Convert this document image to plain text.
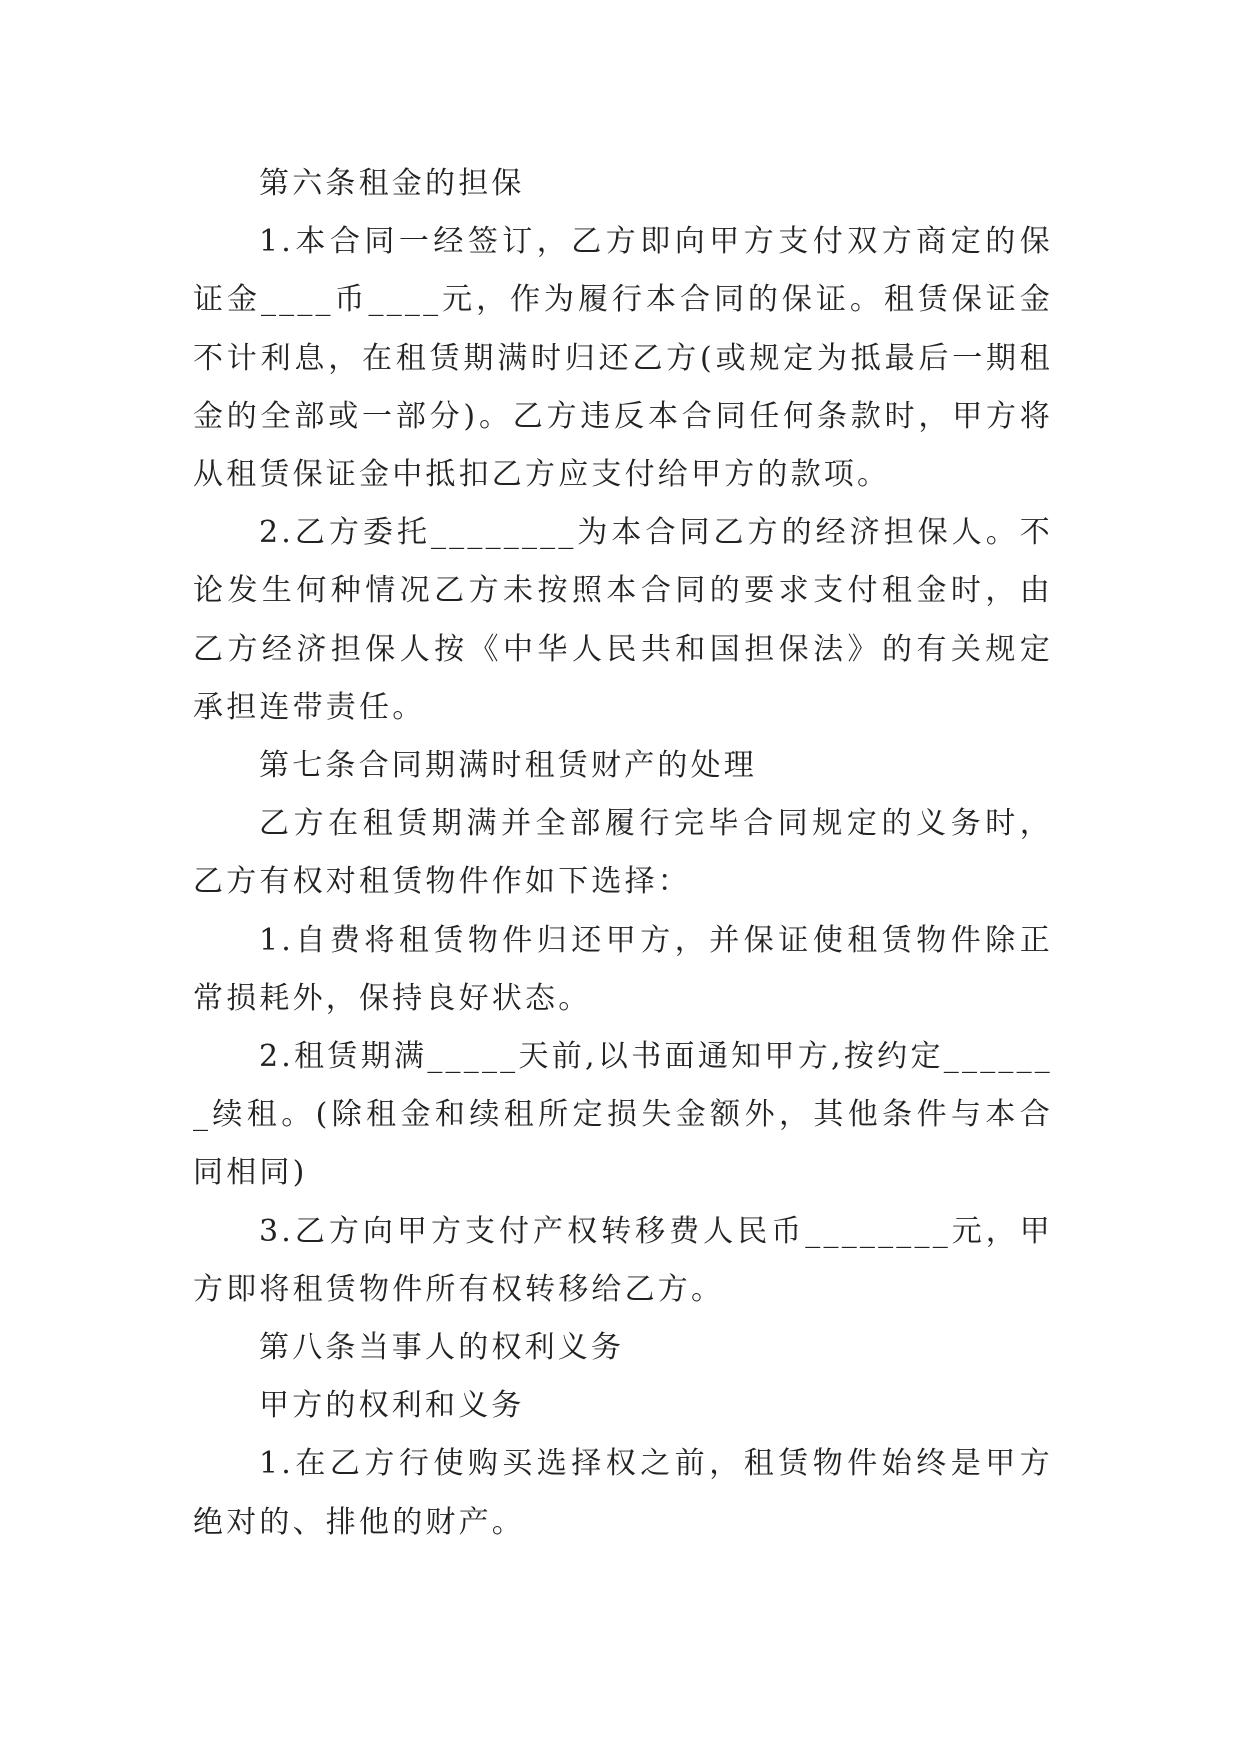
第六条租金的担保

1.本合同一经签订，乙方即向甲方支付双方商定的保证金____币____元，作为履行本合同的保证。租赁保证金不计利息，在租赁期满时归还乙方(或规定为抵最后一期租金的全部或一部分)。乙方违反本合同任何条款时，甲方将从租赁保证金中抵扣乙方应支付给甲方的款项。

2.乙方委托________为本合同乙方的经济担保人。不论发生何种情况乙方未按照本合同的要求支付租金时，由乙方经济担保人按《中华人民共和国担保法》的有关规定承担连带责任。

第七条合同期满时租赁财产的处理

乙方在租赁期满并全部履行完毕合同规定的义务时，乙方有权对租赁物件作如下选择：

1.自费将租赁物件归还甲方，并保证使租赁物件除正常损耗外，保持良好状态。

2.租赁期满_____天前,以书面通知甲方,按约定_______续租。(除租金和续租所定损失金额外，其他条件与本合同相同)

3.乙方向甲方支付产权转移费人民币________元，甲方即将租赁物件所有权转移给乙方。

第八条当事人的权利义务

甲方的权利和义务

1.在乙方行使购买选择权之前，租赁物件始终是甲方绝对的、排他的财产。
